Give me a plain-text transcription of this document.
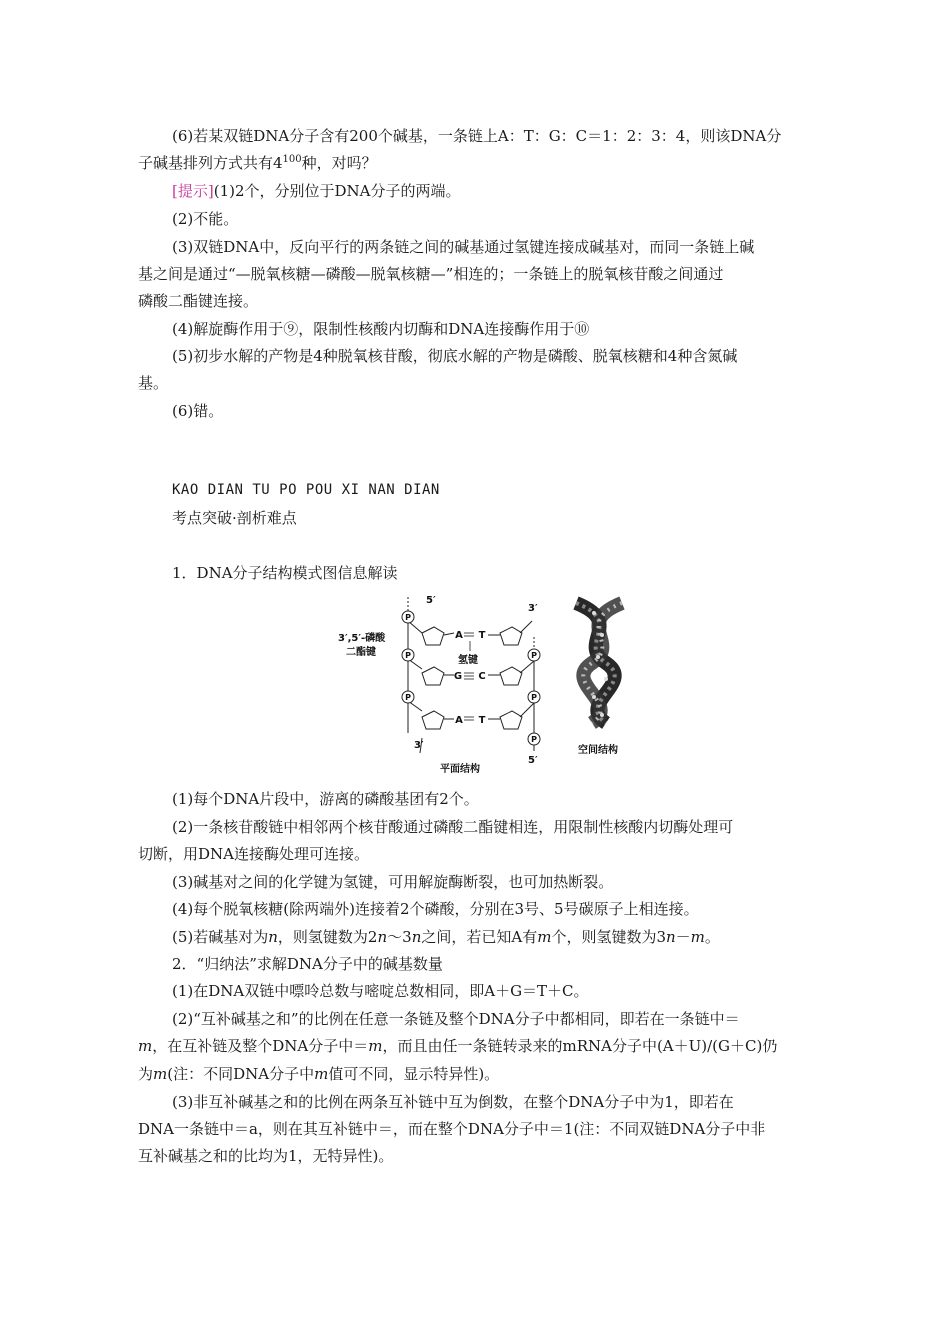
(6)若某双链DNA分子含有200个碱基，一条链上A：T：G：C＝1：2：3：4，则该DNA分
子碱基排列方式共有$4^{100}$种，对吗？
[提示](1)2个，分别位于DNA分子的两端。
(2)不能。
(3)双链DNA中，反向平行的两条链之间的碱基通过氢键连接成碱基对，而同一条链上碱
基之间是通过“—脱氧核糖—磷酸—脱氧核糖—”相连的；一条链上的脱氧核苷酸之间通过
磷酸二酯键连接。
(4)解旋酶作用于⑨，限制性核酸内切酶和DNA连接酶作用于⑩
(5)初步水解的产物是4种脱氧核苷酸，彻底水解的产物是磷酸、脱氧核糖和4种含氮碱
基。
(6)错。
KAO DIAN TU PO POU XI NAN DIAN
考点突破·剖析难点
1．DNA分子结构模式图信息解读
P
P
P
P
P
P
A T
G C
A T
5′
3′
3′,5′-磷酸
二酯键
氢键
3′
5′
平面结构
空间结构
(1)每个DNA片段中，游离的磷酸基团有2个。
(2)一条核苷酸链中相邻两个核苷酸通过磷酸二酯键相连，用限制性核酸内切酶处理可
切断，用DNA连接酶处理可连接。
(3)碱基对之间的化学键为氢键，可用解旋酶断裂，也可加热断裂。
(4)每个脱氧核糖(除两端外)连接着2个磷酸，分别在3号、5号碳原子上相连接。
(5)若碱基对为n，则氢键数为2n～3n之间，若已知A有m个，则氢键数为3n－m。
2．“归纳法”求解DNA分子中的碱基数量
(1)在DNA双链中嘌呤总数与嘧啶总数相同，即A＋G＝T＋C。
(2)“互补碱基之和”的比例在任意一条链及整个DNA分子中都相同，即若在一条链中＝
m，在互补链及整个DNA分子中＝m，而且由任一条链转录来的mRNA分子中(A＋U)/(G＋C)仍
为m(注：不同DNA分子中m值可不同，显示特异性)。
(3)非互补碱基之和的比例在两条互补链中互为倒数，在整个DNA分子中为1，即若在
DNA一条链中＝a，则在其互补链中＝，而在整个DNA分子中＝1(注：不同双链DNA分子中非
互补碱基之和的比均为1，无特异性)。
